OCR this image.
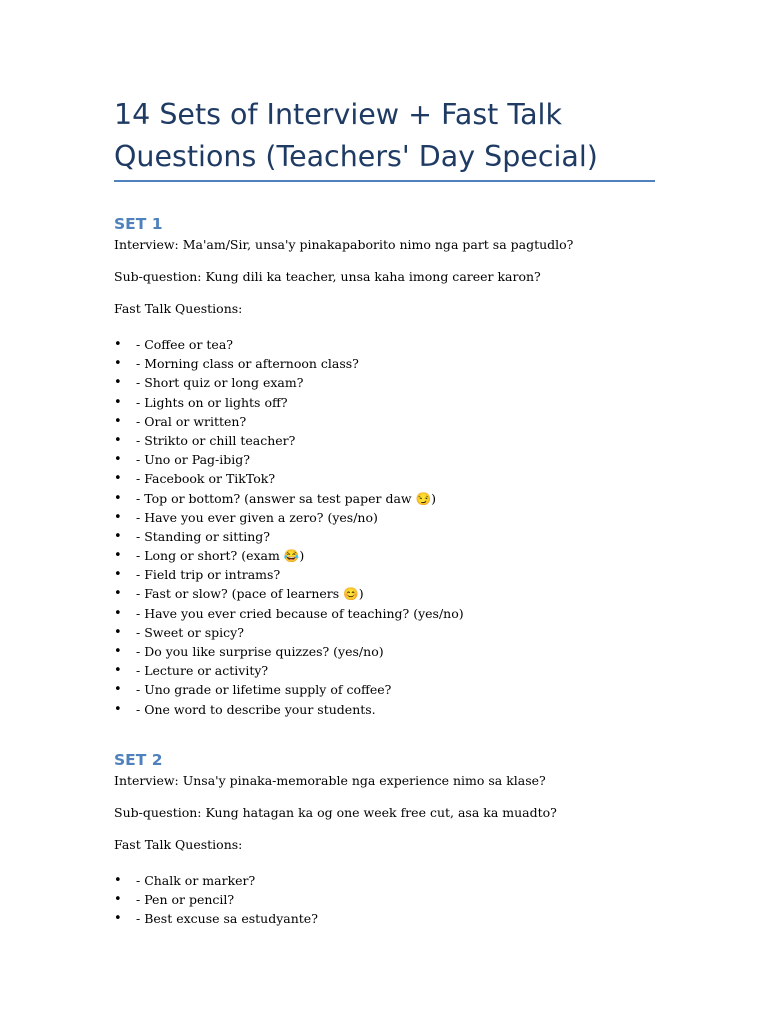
14 Sets of Interview + Fast Talk Questions (Teachers' Day Special)
SET 1

Interview: Ma'am/Sir, unsa'y pinakapaborito nimo nga part sa pagtudlo?

Sub-question: Kung dili ka teacher, unsa kaha imong career karon?

Fast Talk Questions:

• - Coffee or tea?
• - Morning class or afternoon class?
• - Short quiz or long exam?
• - Lights on or lights off?
• - Oral or written?
• - Strikto or chill teacher?
• - Uno or Pag-ibig?
• - Facebook or TikTok?
• - Top or bottom? (answer sa test paper daw 😏)
• - Have you ever given a zero? (yes/no)
• - Standing or sitting?
• - Long or short? (exam 😂)
• - Field trip or intrams?
• - Fast or slow? (pace of learners 😊)
• - Have you ever cried because of teaching? (yes/no)
• - Sweet or spicy?
• - Do you like surprise quizzes? (yes/no)
• - Lecture or activity?
• - Uno grade or lifetime supply of coffee?
• - One word to describe your students.
SET 2

Interview: Unsa'y pinaka-memorable nga experience nimo sa klase?

Sub-question: Kung hatagan ka og one week free cut, asa ka muadto?

Fast Talk Questions:

• - Chalk or marker?
• - Pen or pencil?
• - Best excuse sa estudyante?
